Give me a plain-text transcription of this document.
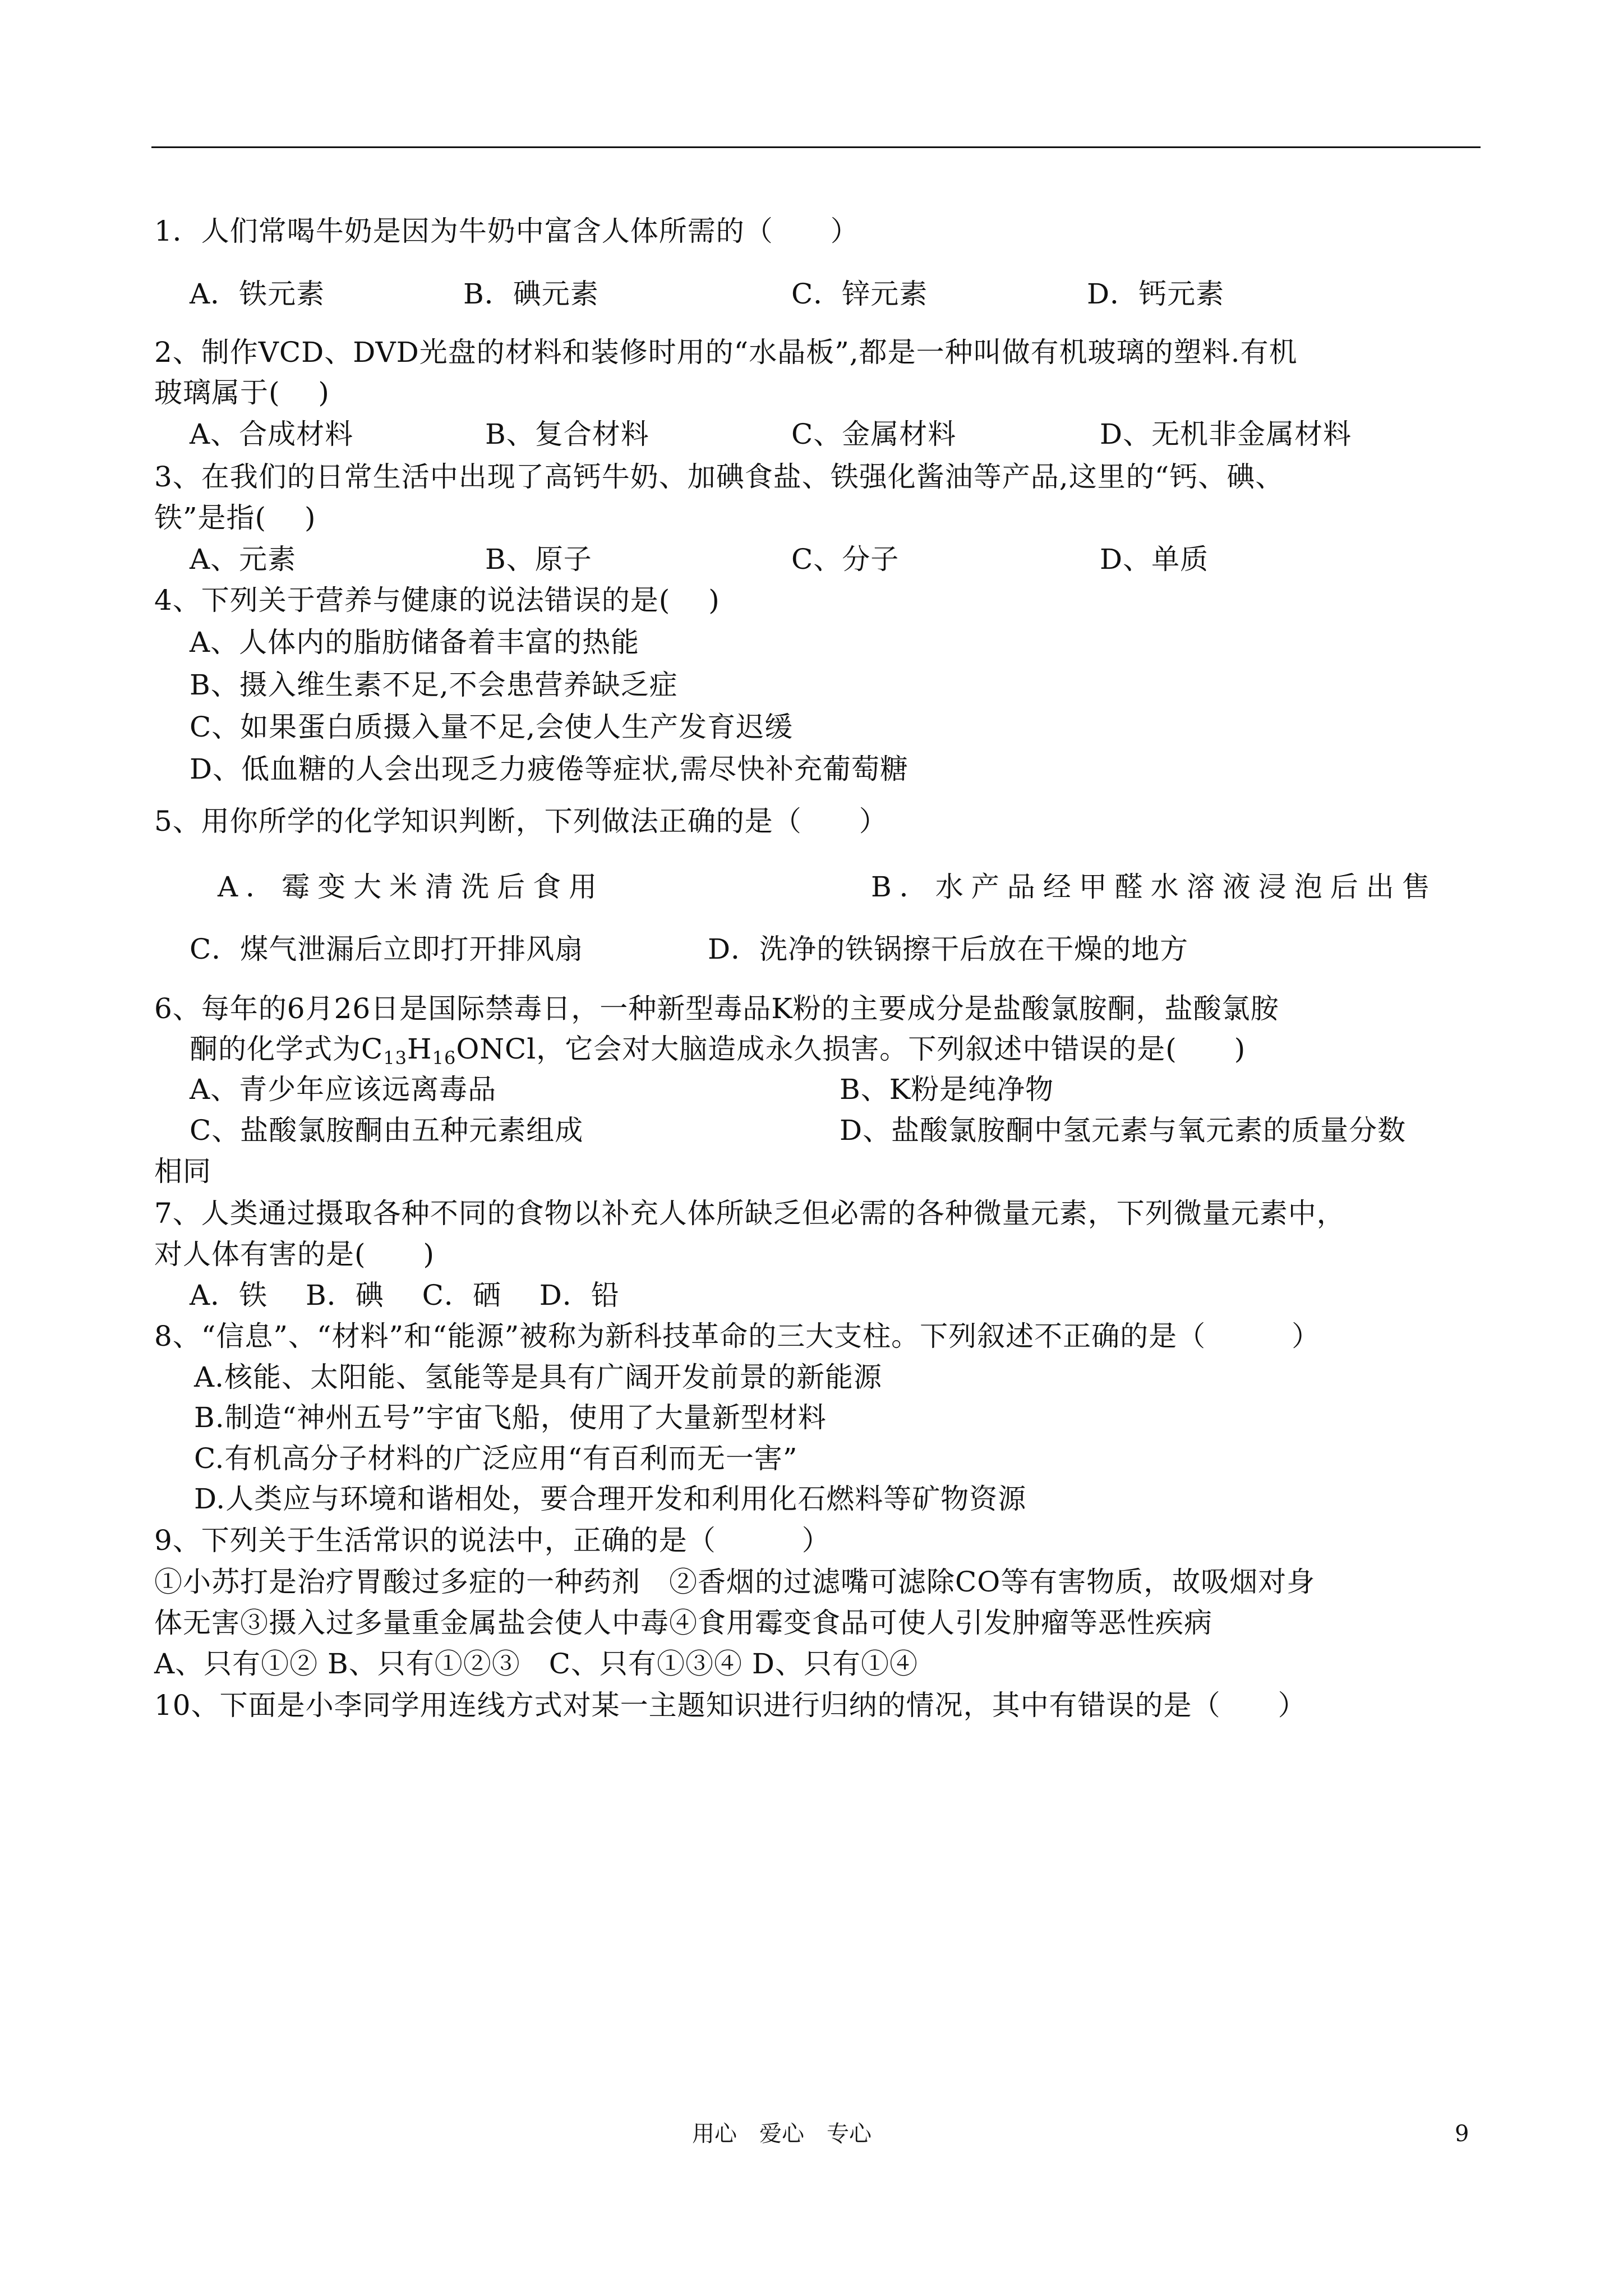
1．人们常喝牛奶是因为牛奶中富含人体所需的（　　）
A．铁元素	B．碘元素	C．锌元素	D．钙元素
2、制作VCD、DVD光盘的材料和装修时用的“水晶板”,都是一种叫做有机玻璃的塑料.有机
玻璃属于(　 )
A、合成材料	B、复合材料	C、金属材料	D、无机非金属材料
3、在我们的日常生活中出现了高钙牛奶、加碘食盐、铁强化酱油等产品,这里的“钙、碘、
铁”是指(　 )
A、元素	B、原子	C、分子	D、单质
4、下列关于营养与健康的说法错误的是(　 )
A、人体内的脂肪储备着丰富的热能
B、摄入维生素不足,不会患营养缺乏症
C、如果蛋白质摄入量不足,会使人生产发育迟缓
D、低血糖的人会出现乏力疲倦等症状,需尽快补充葡萄糖
5、用你所学的化学知识判断，下列做法正确的是（　　）
A．霉变大米清洗后食用	B．水产品经甲醛水溶液浸泡后出售
C．煤气泄漏后立即打开排风扇	D．洗净的铁锅擦干后放在干燥的地方
6、每年的6月26日是国际禁毒日，一种新型毒品K粉的主要成分是盐酸氯胺酮，盐酸氯胺
酮的化学式为$C_{13}H_{16}ONCl$，它会对大脑造成永久损害。下列叙述中错误的是(　　)
A、青少年应该远离毒品	B、K粉是纯净物
C、盐酸氯胺酮由五种元素组成	D、盐酸氯胺酮中氢元素与氧元素的质量分数
相同
7、人类通过摄取各种不同的食物以补充人体所缺乏但必需的各种微量元素，下列微量元素中，
对人体有害的是(　　)
A．铁　 B．碘　 C．硒　 D．铅
8、“信息”、“材料”和“能源”被称为新科技革命的三大支柱。下列叙述不正确的是（　　　）
A.核能、太阳能、氢能等是具有广阔开发前景的新能源
B.制造“神州五号”宇宙飞船，使用了大量新型材料
C.有机高分子材料的广泛应用“有百利而无一害”
D.人类应与环境和谐相处，要合理开发和利用化石燃料等矿物资源
9、下列关于生活常识的说法中，正确的是（　　　）
①小苏打是治疗胃酸过多症的一种药剂　②香烟的过滤嘴可滤除CO等有害物质，故吸烟对身
体无害③摄入过多量重金属盐会使人中毒④食用霉变食品可使人引发肿瘤等恶性疾病
A、只有①② B、只有①②③　C、只有①③④ D、只有①④
10、下面是小李同学用连线方式对某一主题知识进行归纳的情况，其中有错误的是（　　）
用心　爱心　专心	9
